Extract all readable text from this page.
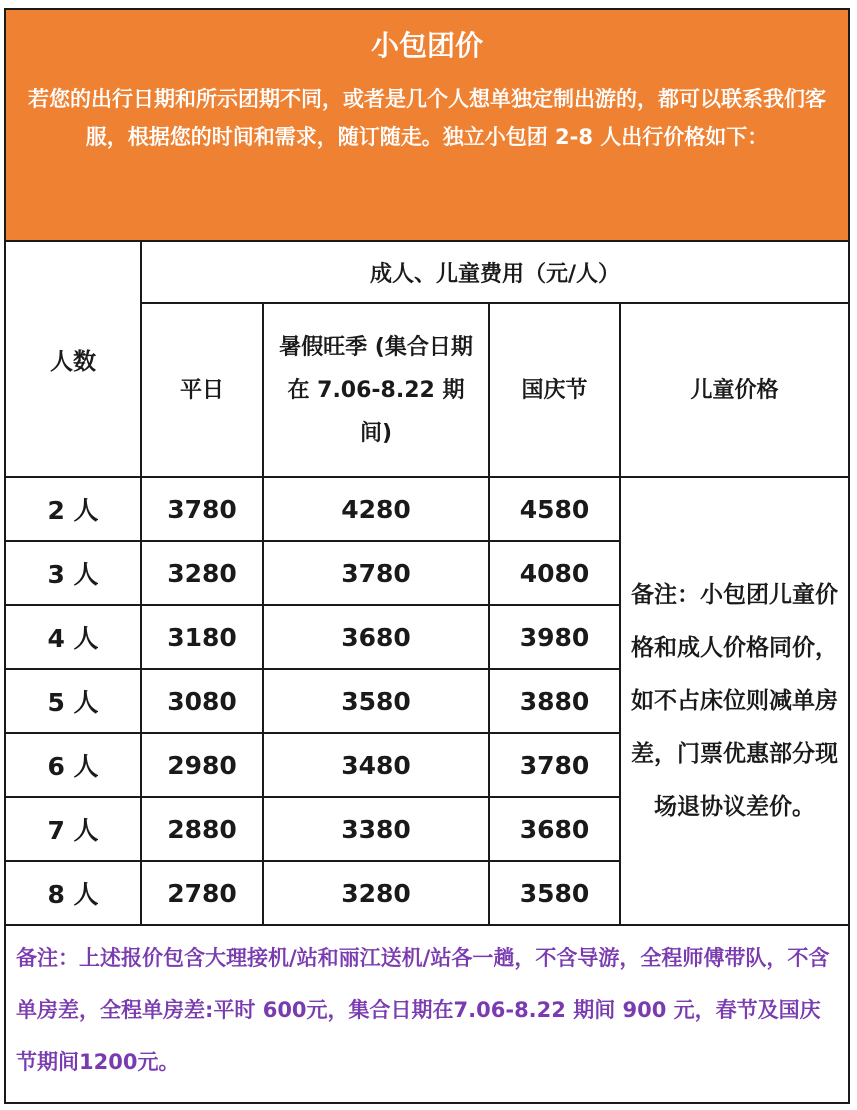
小包团价
若您的出行日期和所示团期不同，或者是几个人想单独定制出游的，都可以联系我们客服，根据您的时间和需求，随订随走。独立小包团 2-8 人出行价格如下：
人数	成人、儿童费用（元/人）			
	平日	暑假旺季 (集合日期在 7.06-8.22 期间)	国庆节	儿童价格
2 人	3780	4280	4580	备注：小包团儿童价格和成人价格同价，如不占床位则减单房差，门票优惠部分现场退协议差价。
3 人	3280	3780	4080	
4 人	3180	3680	3980	
5 人	3080	3580	3880	
6 人	2980	3480	3780	
7 人	2880	3380	3680	
8 人	2780	3280	3580	
备注：上述报价包含大理接机/站和丽江送机/站各一趟，不含导游，全程师傅带队，不含单房差，全程单房差:平时 600元，集合日期在7.06-8.22 期间 900 元，春节及国庆节期间1200元。
